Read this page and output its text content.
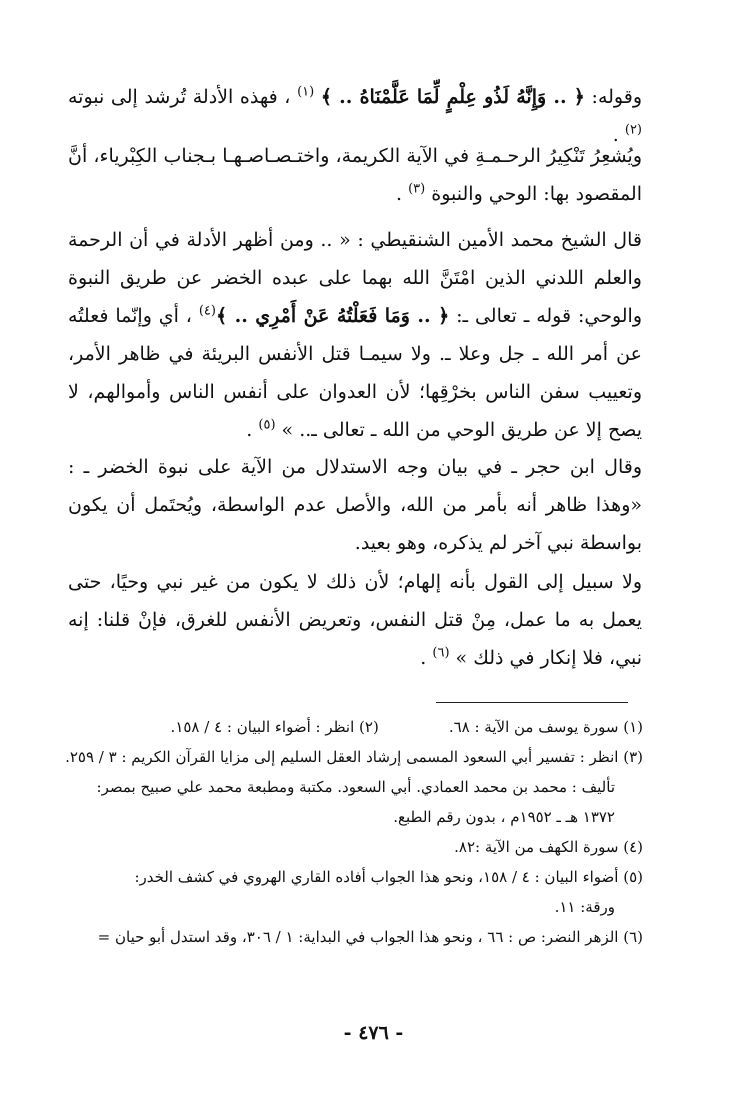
وقوله: ﴿ .. وَإِنَّهُ لَذُو عِلْمٍ لِّمَا عَلَّمْنَاهُ .. ﴾ $^{(١)}$ ، فهذه الأدلة تُرشد إلى نبوته $^{(٢)}$ .

ويُشعِرُ تَنْكِيرُ الرحـمـةِ في الآية الكريمة، واختـصـاصـهـا بـجناب الكِبْرياء، أنَّ المقصود بها: الوحي والنبوة $^{(٣)}$ .

قال الشيخ محمد الأمين الشنقيطي : « .. ومن أظهر الأدلة في أن الرحمة والعلم اللدني الذين امْتَنَّ الله بهما على عبده الخضر عن طريق النبوة والوحي: قوله ـ تعالى ـ: ﴿ .. وَمَا فَعَلْتُهُ عَنْ أَمْرِي .. ﴾$^{(٤)}$ ، أي وإنّما فعلتُه عن أمر الله ـ جل وعلا ـ. ولا سيمـا قتل الأنفس البريئة في ظاهر الأمر، وتعييب سفن الناس بخرْقِها؛ لأن العدوان على أنفس الناس وأموالهم، لا يصح إلا عن طريق الوحي من الله ـ تعالى ـ.. » $^{(٥)}$ .

وقال ابن حجر ـ في بيان وجه الاستدلال من الآية على نبوة الخضر ـ : «وهذا ظاهر أنه بأمر من الله، والأصل عدم الواسطة، ويُحتَمل أن يكون بواسطة نبي آخر لم يذكره، وهو بعيد.

ولا سبيل إلى القول بأنه إلهام؛ لأن ذلك لا يكون من غير نبي وحيًا، حتى يعمل به ما عمل، مِنْ قتل النفس، وتعريض الأنفس للغرق، فإنْ قلنا: إنه نبي، فلا إنكار في ذلك » $^{(٦)}$ .

(١) سورة يوسف من الآية : ٦٨.(٢) انظر : أضواء البيان : ٤ / ١٥٨.

(٣) انظر : تفسير أبي السعود المسمى إرشاد العقل السليم إلى مزايا القرآن الكريم : ٣ / ٢٥٩.

تأليف : محمد بن محمد العمادي. أبي السعود. مكتبة ومطبعة محمد علي صبيح بمصر:

١٣٧٢ هـ ـ ١٩٥٢م ، بدون رقم الطبع.

(٤) سورة الكهف من الآية :٨٢.

(٥) أضواء البيان : ٤ / ١٥٨، ونحو هذا الجواب أفاده القاري الهروي في كشف الخدر:

ورقة: ١١.

(٦) الزهر النضر: ص : ٦٦ ، ونحو هذا الجواب في البداية: ١ / ٣٠٦، وقد استدل أبو حيان =

- ٤٧٦ -
